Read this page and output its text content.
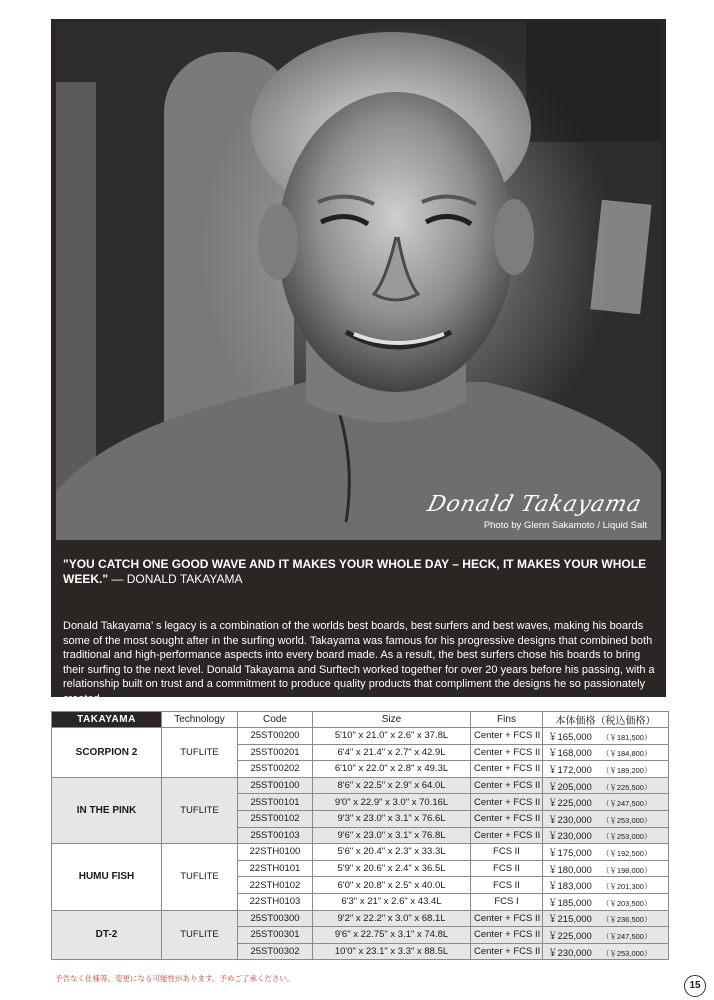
Donald Takayama
Photo by Glenn Sakamoto / Liquid Salt
"YOU CATCH ONE GOOD WAVE AND IT MAKES YOUR WHOLE DAY – HECK, IT MAKES YOUR WHOLE WEEK." — DONALD TAKAYAMA
Donald Takayama’ s legacy is a combination of the worlds best boards, best surfers and best waves, making his boards some of the most sought after in the surfing world. Takayama was famous for his progressive designs that combined both traditional and high-performance aspects into every board made. As a result, the best surfers chose his boards to bring their surfing to the next level. Donald Takayama and Surftech worked together for over 20 years before his passing, with a relationship built on trust and a commitment to produce quality products that compliment the designs he so passionately created.
TAKAYAMA	Technology	Code	Size	Fins	本体価格（税込価格）
SCORPION 2	TUFLITE	25ST00200	5'10" x 21.0" x 2.6" x 37.8L	Center + FCS II	￥165,000 （￥181,500）
		25ST00201	6'4" x 21.4" x 2.7" x 42.9L	Center + FCS II	￥168,000 （￥184,800）
		25ST00202	6'10" x 22.0" x 2.8" x 49.3L	Center + FCS II	￥172,000 （￥189,200）
IN THE PINK	TUFLITE	25ST00100	8'6" x 22.5" x 2.9" x 64.0L	Center + FCS II	￥205,000 （￥225,500）
		25ST00101	9'0" x 22.9" x 3.0" x 70.16L	Center + FCS II	￥225,000 （￥247,500）
		25ST00102	9'3" x 23.0" x 3.1" x 76.6L	Center + FCS II	￥230,000 （￥253,000）
		25ST00103	9'6" x 23.0" x 3.1" x 76.8L	Center + FCS II	￥230,000 （￥253,000）
HUMU FISH	TUFLITE	22STH0100	5'6" x 20.4" x 2.3" x 33.3L	FCS II	￥175,000 （￥192,500）
		22STH0101	5'9" x 20.6" x 2.4" x 36.5L	FCS II	￥180,000 （￥198,000）
		22STH0102	6'0" x 20.8" x 2.5" x 40.0L	FCS II	￥183,000 （￥201,300）
		22STH0103	6'3" x 21" x 2.6" x 43.4L	FCS I	￥185,000 （￥203,500）
DT-2	TUFLITE	25ST00300	9'2" x 22.2" x 3.0" x 68.1L	Center + FCS II	￥215,000 （￥236,500）
		25ST00301	9'6" x 22.75" x 3.1" x 74.8L	Center + FCS II	￥225,000 （￥247,500）
		25ST00302	10'0" x 23.1" x 3.3" x 88.5L	Center + FCS II	￥230,000 （￥253,000）
予告なく仕様等、変更になる可能性があります。予めご了承ください。
15
